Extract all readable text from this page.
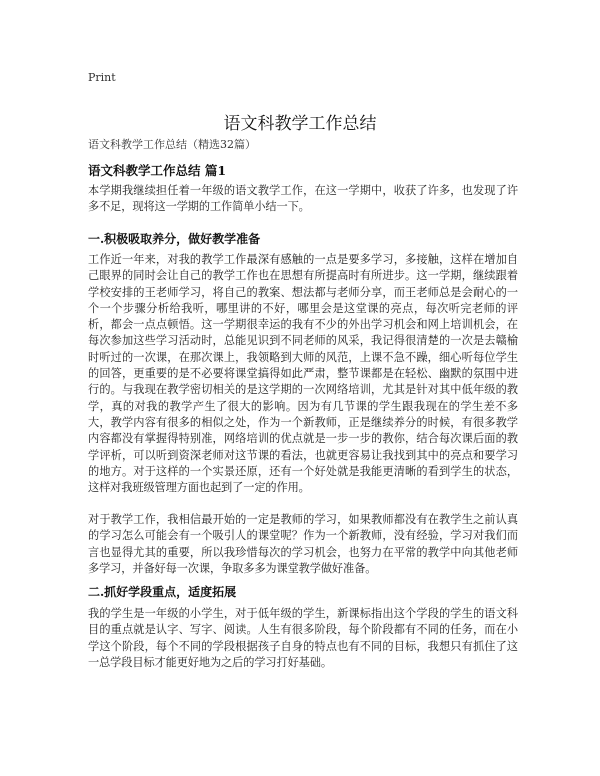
Print
语文科教学工作总结
语文科教学工作总结（精选32篇）
语文科教学工作总结 篇1

本学期我继续担任着一年级的语文教学工作，在这一学期中，收获了许多，也发现了许多不足，现将这一学期的工作简单小结一下。

一.积极吸取养分，做好教学准备

工作近一年来，对我的教学工作最深有感触的一点是要多学习，多接触，这样在增加自己眼界的同时会让自己的教学工作也在思想有所提高时有所进步。这一学期，继续跟着学校安排的王老师学习，将自己的教案、想法都与老师分享，而王老师总是会耐心的一个一个步骤分析给我听，哪里讲的不好，哪里会是这堂课的亮点，每次听完老师的评析，都会一点点顿悟。这一学期很幸运的我有不少的外出学习机会和网上培训机会，在每次参加这些学习活动时，总能见识到不同老师的风采，我记得很清楚的一次是去赣榆时听过的一次课，在那次课上，我领略到大师的风范，上课不急不躁，细心听每位学生的回答，更重要的是不必要将课堂搞得如此严肃，整节课都是在轻松、幽默的氛围中进行的。与我现在教学密切相关的是这学期的一次网络培训，尤其是针对其中低年级的教学，真的对我的教学产生了很大的影响。因为有几节课的学生跟我现在的学生差不多大，教学内容有很多的相似之处，作为一个新教师，正是继续养分的时候，有很多教学内容都没有掌握得特别准，网络培训的优点就是一步一步的教你，结合每次课后面的教学评析，可以听到资深老师对这节课的看法，也就更容易让我找到其中的亮点和要学习的地方。对于这样的一个实景还原，还有一个好处就是我能更清晰的看到学生的状态，这样对我班级管理方面也起到了一定的作用。

对于教学工作，我相信最开始的一定是教师的学习，如果教师都没有在教学生之前认真的学习怎么可能会有一个吸引人的课堂呢？作为一个新教师，没有经验，学习对我们而言也显得尤其的重要，所以我珍惜每次的学习机会，也努力在平常的教学中向其他老师多学习，并备好每一次课，争取多多为课堂教学做好准备。

二.抓好学段重点，适度拓展

我的学生是一年级的小学生，对于低年级的学生，新课标指出这个学段的学生的语文科目的重点就是认字、写字、阅读。人生有很多阶段，每个阶段都有不同的任务，而在小学这个阶段，每个不同的学段根据孩子自身的特点也有不同的目标，我想只有抓住了这一总学段目标才能更好地为之后的学习打好基础。
